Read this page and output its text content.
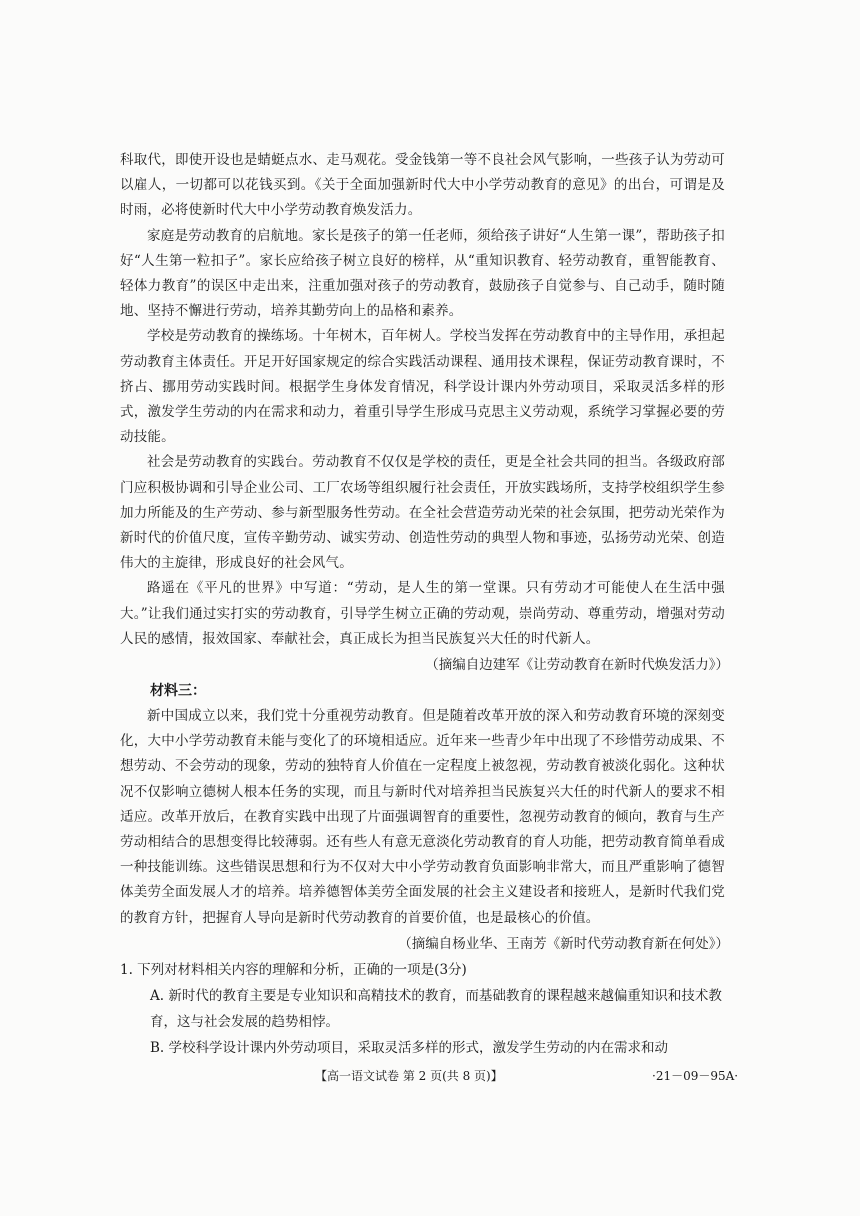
科取代，即使开设也是蜻蜓点水、走马观花。受金钱第一等不良社会风气影响，一些孩子认为劳动可以雇人，一切都可以花钱买到。《关于全面加强新时代大中小学劳动教育的意见》的出台，可谓是及时雨，必将使新时代大中小学劳动教育焕发活力。

家庭是劳动教育的启航地。家长是孩子的第一任老师，须给孩子讲好“人生第一课”，帮助孩子扣好“人生第一粒扣子”。家长应给孩子树立良好的榜样，从“重知识教育、轻劳动教育，重智能教育、轻体力教育”的误区中走出来，注重加强对孩子的劳动教育，鼓励孩子自觉参与、自己动手，随时随地、坚持不懈进行劳动，培养其勤劳向上的品格和素养。

学校是劳动教育的操练场。十年树木，百年树人。学校当发挥在劳动教育中的主导作用，承担起劳动教育主体责任。开足开好国家规定的综合实践活动课程、通用技术课程，保证劳动教育课时，不挤占、挪用劳动实践时间。根据学生身体发育情况，科学设计课内外劳动项目，采取灵活多样的形式，激发学生劳动的内在需求和动力，着重引导学生形成马克思主义劳动观，系统学习掌握必要的劳动技能。

社会是劳动教育的实践台。劳动教育不仅仅是学校的责任，更是全社会共同的担当。各级政府部门应积极协调和引导企业公司、工厂农场等组织履行社会责任，开放实践场所，支持学校组织学生参加力所能及的生产劳动、参与新型服务性劳动。在全社会营造劳动光荣的社会氛围，把劳动光荣作为新时代的价值尺度，宣传辛勤劳动、诚实劳动、创造性劳动的典型人物和事迹，弘扬劳动光荣、创造伟大的主旋律，形成良好的社会风气。

路遥在《平凡的世界》中写道：“劳动，是人生的第一堂课。只有劳动才可能使人在生活中强大。”让我们通过实打实的劳动教育，引导学生树立正确的劳动观，崇尚劳动、尊重劳动，增强对劳动人民的感情，报效国家、奉献社会，真正成长为担当民族复兴大任的时代新人。

（摘编自边建军《让劳动教育在新时代焕发活力》）

材料三：

新中国成立以来，我们党十分重视劳动教育。但是随着改革开放的深入和劳动教育环境的深刻变化，大中小学劳动教育未能与变化了的环境相适应。近年来一些青少年中出现了不珍惜劳动成果、不想劳动、不会劳动的现象，劳动的独特育人价值在一定程度上被忽视，劳动教育被淡化弱化。这种状况不仅影响立德树人根本任务的实现，而且与新时代对培养担当民族复兴大任的时代新人的要求不相适应。改革开放后，在教育实践中出现了片面强调智育的重要性，忽视劳动教育的倾向，教育与生产劳动相结合的思想变得比较薄弱。还有些人有意无意淡化劳动教育的育人功能，把劳动教育简单看成一种技能训练。这些错误思想和行为不仅对大中小学劳动教育负面影响非常大，而且严重影响了德智体美劳全面发展人才的培养。培养德智体美劳全面发展的社会主义建设者和接班人，是新时代我们党的教育方针，把握育人导向是新时代劳动教育的首要价值，也是最核心的价值。

（摘编自杨业华、王南芳《新时代劳动教育新在何处》）

1. 下列对材料相关内容的理解和分析，正确的一项是(3分)

A. 新时代的教育主要是专业知识和高精技术的教育，而基础教育的课程越来越偏重知识和技术教育，这与社会发展的趋势相悖。

B. 学校科学设计课内外劳动项目，采取灵活多样的形式，激发学生劳动的内在需求和动

【高一语文试卷 第 2 页(共 8 页)】	·21－09－95A·
